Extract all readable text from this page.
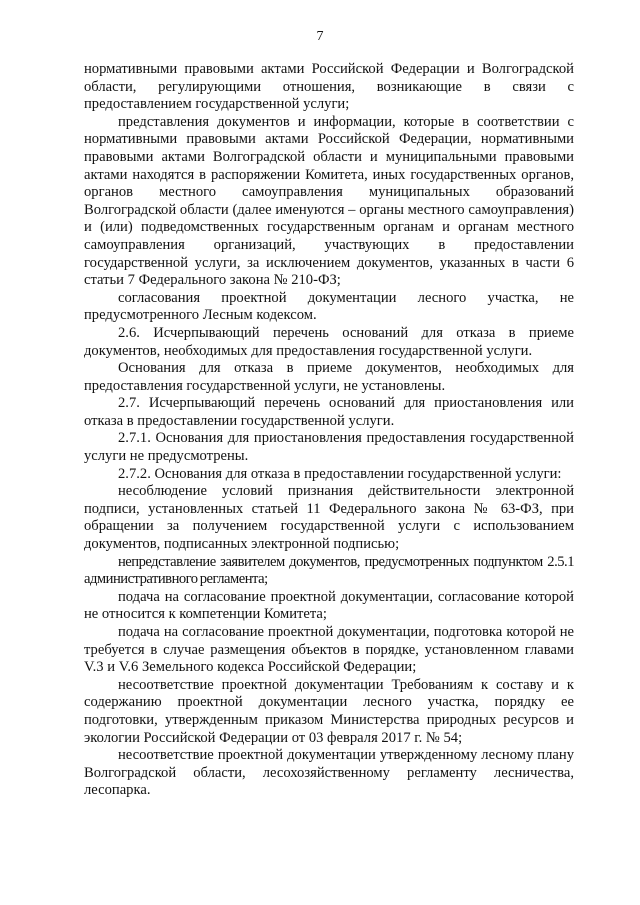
7

нормативными правовыми актами Российской Федерации и Волгоградской области, регулирующими отношения, возникающие в связи с предоставлением государственной услуги;

представления документов и информации, которые в соответствии с нормативными правовыми актами Российской Федерации, нормативными правовыми актами Волгоградской области и муниципальными правовыми актами находятся в распоряжении Комитета, иных государственных органов, органов местного самоуправления муниципальных образований Волгоградской области (далее именуются – органы местного самоуправления) и (или) подведомственных государственным органам и органам местного самоуправления организаций, участвующих в предоставлении государственной услуги, за исключением документов, указанных в части 6 статьи 7 Федерального закона № 210-ФЗ;

согласования проектной документации лесного участка, не предусмотренного Лесным кодексом.

2.6. Исчерпывающий перечень оснований для отказа в приеме документов, необходимых для предоставления государственной услуги.

Основания для отказа в приеме документов, необходимых для предоставления государственной услуги, не установлены.

2.7. Исчерпывающий перечень оснований для приостановления или отказа в предоставлении государственной услуги.

2.7.1. Основания для приостановления предоставления государственной услуги не предусмотрены.

2.7.2. Основания для отказа в предоставлении государственной услуги:

несоблюдение условий признания действительности электронной подписи, установленных статьей 11 Федерального закона № 63-ФЗ, при обращении за получением государственной услуги с использованием документов, подписанных электронной подписью;

непредставление заявителем документов, предусмотренных подпунктом 2.5.1 административного регламента;

подача на согласование проектной документации, согласование которой не относится к компетенции Комитета;

подача на согласование проектной документации, подготовка которой не требуется в случае размещения объектов в порядке, установленном главами V.3 и V.6 Земельного кодекса Российской Федерации;

несоответствие проектной документации Требованиям к составу и к содержанию проектной документации лесного участка, порядку ее подготовки, утвержденным приказом Министерства природных ресурсов и экологии Российской Федерации от 03 февраля 2017 г. № 54;

несоответствие проектной документации утвержденному лесному плану Волгоградской области, лесохозяйственному регламенту лесничества, лесопарка.
